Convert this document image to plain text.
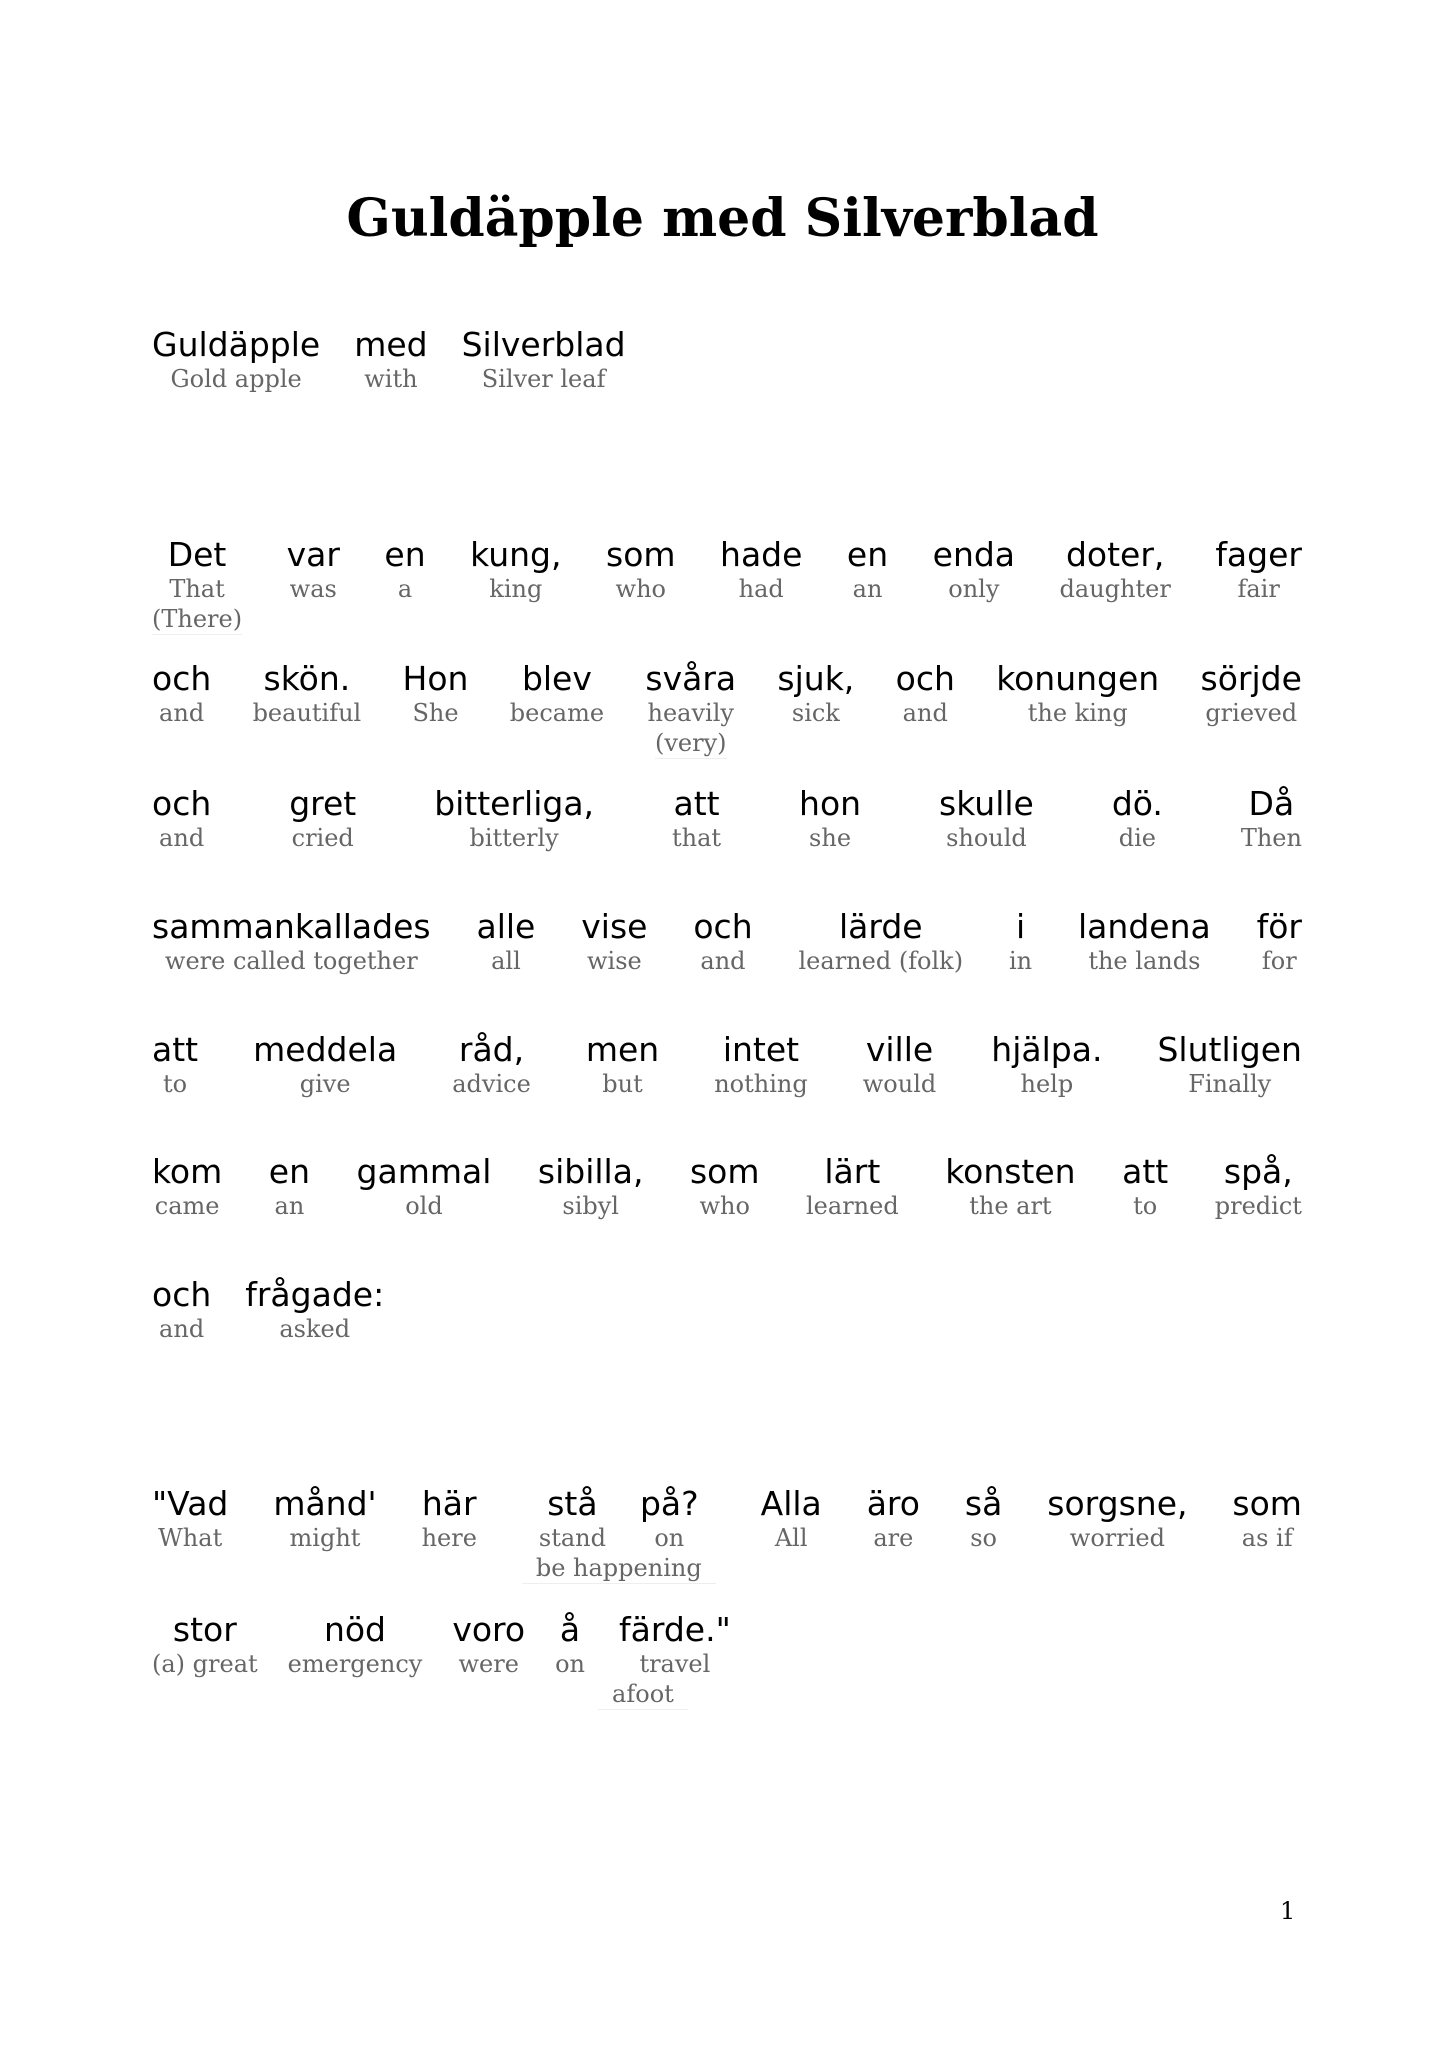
Guldäpple med Silverblad
Guldäpple
Gold apple
med
with
Silverblad
Silver leaf
Det
That
(There)
var
was
en
a
kung,
king
som
who
hade
had
en
an
enda
only
doter,
daughter
fager
fair
och
and
skön.
beautiful
Hon
She
blev
became
svåra
heavily
(very)
sjuk,
sick
och
and
konungen
the king
sörjde
grieved
och
and
gret
cried
bitterliga,
bitterly
att
that
hon
she
skulle
should
dö.
die
Då
Then
sammankallades
were called together
alle
all
vise
wise
och
and
lärde
learned (folk)
i
in
landena
the lands
för
for
att
to
meddela
give
råd,
advice
men
but
intet
nothing
ville
would
hjälpa.
help
Slutligen
Finally
kom
came
en
an
gammal
old
sibilla,
sibyl
som
who
lärt
learned
konsten
the art
att
to
spå,
predict
och
and
frågade:
asked
"Vad
What
månd'
might
här
here
stå
stand
på?
on
be happening
Alla
All
äro
are
så
so
sorgsne,
worried
som
as if
stor
(a) great
nöd
emergency
voro
were
å
on
färde."
travel
afoot
1
